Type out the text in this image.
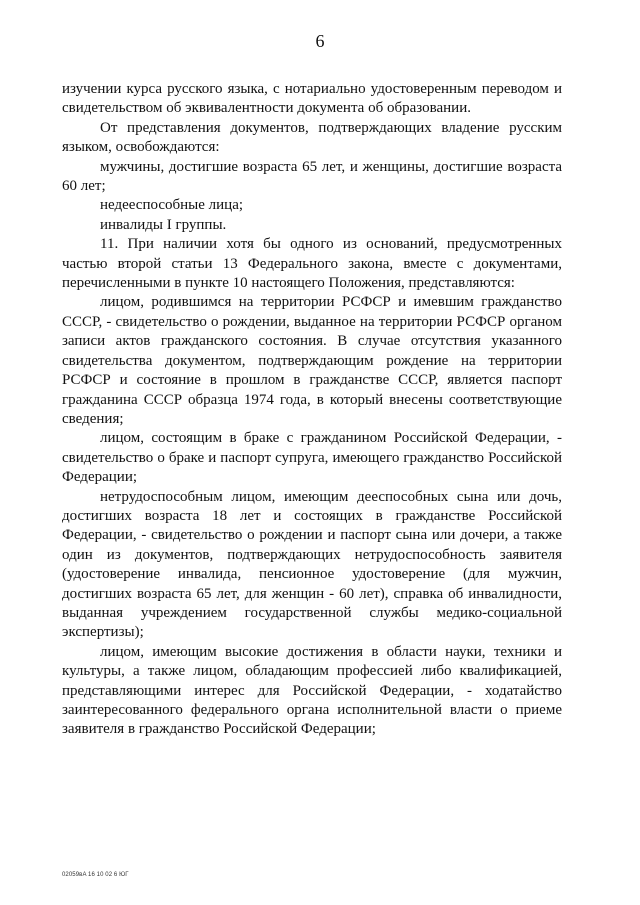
6

изучении курса русского языка, с нотариально удостоверенным переводом и свидетельством об эквивалентности документа об образовании.

От представления документов, подтверждающих владение русским языком, освобождаются:

мужчины, достигшие возраста 65 лет, и женщины, достигшие возраста 60 лет;

недееспособные лица;

инвалиды I группы.

11. При наличии хотя бы одного из оснований, предусмотренных частью второй статьи 13 Федерального закона, вместе с документами, перечисленными в пункте 10 настоящего Положения, представляются:

лицом, родившимся на территории РСФСР и имевшим гражданство СССР, - свидетельство о рождении, выданное на территории РСФСР органом записи актов гражданского состояния. В случае отсутствия указанного свидетельства документом, подтверждающим рождение на территории РСФСР и состояние в прошлом в гражданстве СССР, является паспорт гражданина СССР образца 1974 года, в который внесены соответствующие сведения;

лицом, состоящим в браке с гражданином Российской Федерации, - свидетельство о браке и паспорт супруга, имеющего гражданство Российской Федерации;

нетрудоспособным лицом, имеющим дееспособных сына или дочь, достигших возраста 18 лет и состоящих в гражданстве Российской Федерации, - свидетельство о рождении и паспорт сына или дочери, а также один из документов, подтверждающих нетрудоспособность заявителя (удостоверение инвалида, пенсионное удостоверение (для мужчин, достигших возраста 65 лет, для женщин - 60 лет), справка об инвалидности, выданная учреждением государственной службы медико-социальной экспертизы);

лицом, имеющим высокие достижения в области науки, техники и культуры, а также лицом, обладающим профессией либо квалификацией, представляющими интерес для Российской Федерации, - ходатайство заинтересованного федерального органа исполнительной власти о приеме заявителя в гражданство Российской Федерации;

02059вA 16 10 02 6 ЮГ
